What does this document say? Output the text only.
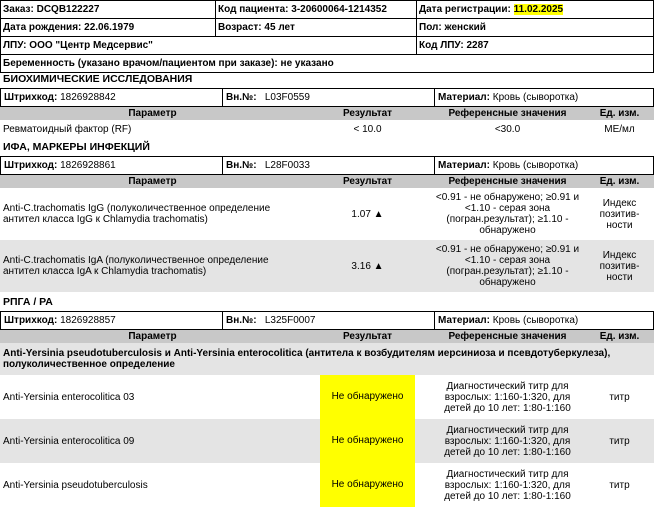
Заказ: DCQB122227	Код пациента: 3-20600064-1214352	Дата регистрации: 11.02.2025
Дата рождения: 22.06.1979	Возраст: 45 лет	Пол: женский
ЛПУ: ООО "Центр Медсервис"		Код ЛПУ: 2287
Беременность (указано врачом/пациентом при заказе): не указано		
БИОХИМИЧЕСКИЕ ИССЛЕДОВАНИЯ
Штрихкод: 1826928842	Вн.№: L03F0559	Материал: Кровь (сыворотка)
Параметр	Результат	Референсные значения	Ед. изм.
Ревматоидный фактор (RF)	< 10.0	<30.0	МЕ/мл
ИФА, МАРКЕРЫ ИНФЕКЦИЙ
Штрихкод: 1826928861	Вн.№: L28F0033	Материал: Кровь (сыворотка)
Параметр	Результат	Референсные значения	Ед. изм.
Anti-C.trachomatis IgG (полуколичественное определение антител класса IgG к Chlamydia trachomatis)	1.07 ▲	<0.91 - не обнаружено; ≥0.91 и <1.10 - серая зона (погран.результат); ≥1.10 - обнаружено	Индекс позитив-ности
Anti-C.trachomatis IgA (полуколичественное определение антител класса IgA к Chlamydia trachomatis)	3.16 ▲	<0.91 - не обнаружено; ≥0.91 и <1.10 - серая зона (погран.результат); ≥1.10 - обнаружено	Индекс позитив-ности
РПГА / РА
Штрихкод: 1826928857	Вн.№: L325F0007	Материал: Кровь (сыворотка)
Параметр	Результат	Референсные значения	Ед. изм.
Anti-Yersinia pseudotuberculosis и Anti-Yersinia enterocolitica (антитела к возбудителям иерсиниоза и псевдотуберкулеза), полуколичественное определение			
Anti-Yersinia enterocolitica 03	Не обнаружено	Диагностический титр для взрослых: 1:160-1:320, для детей до 10 лет: 1:80-1:160	титр
Anti-Yersinia enterocolitica 09	Не обнаружено	Диагностический титр для взрослых: 1:160-1:320, для детей до 10 лет: 1:80-1:160	титр
Anti-Yersinia pseudotuberculosis	Не обнаружено	Диагностический титр для взрослых: 1:160-1:320, для детей до 10 лет: 1:80-1:160	титр
